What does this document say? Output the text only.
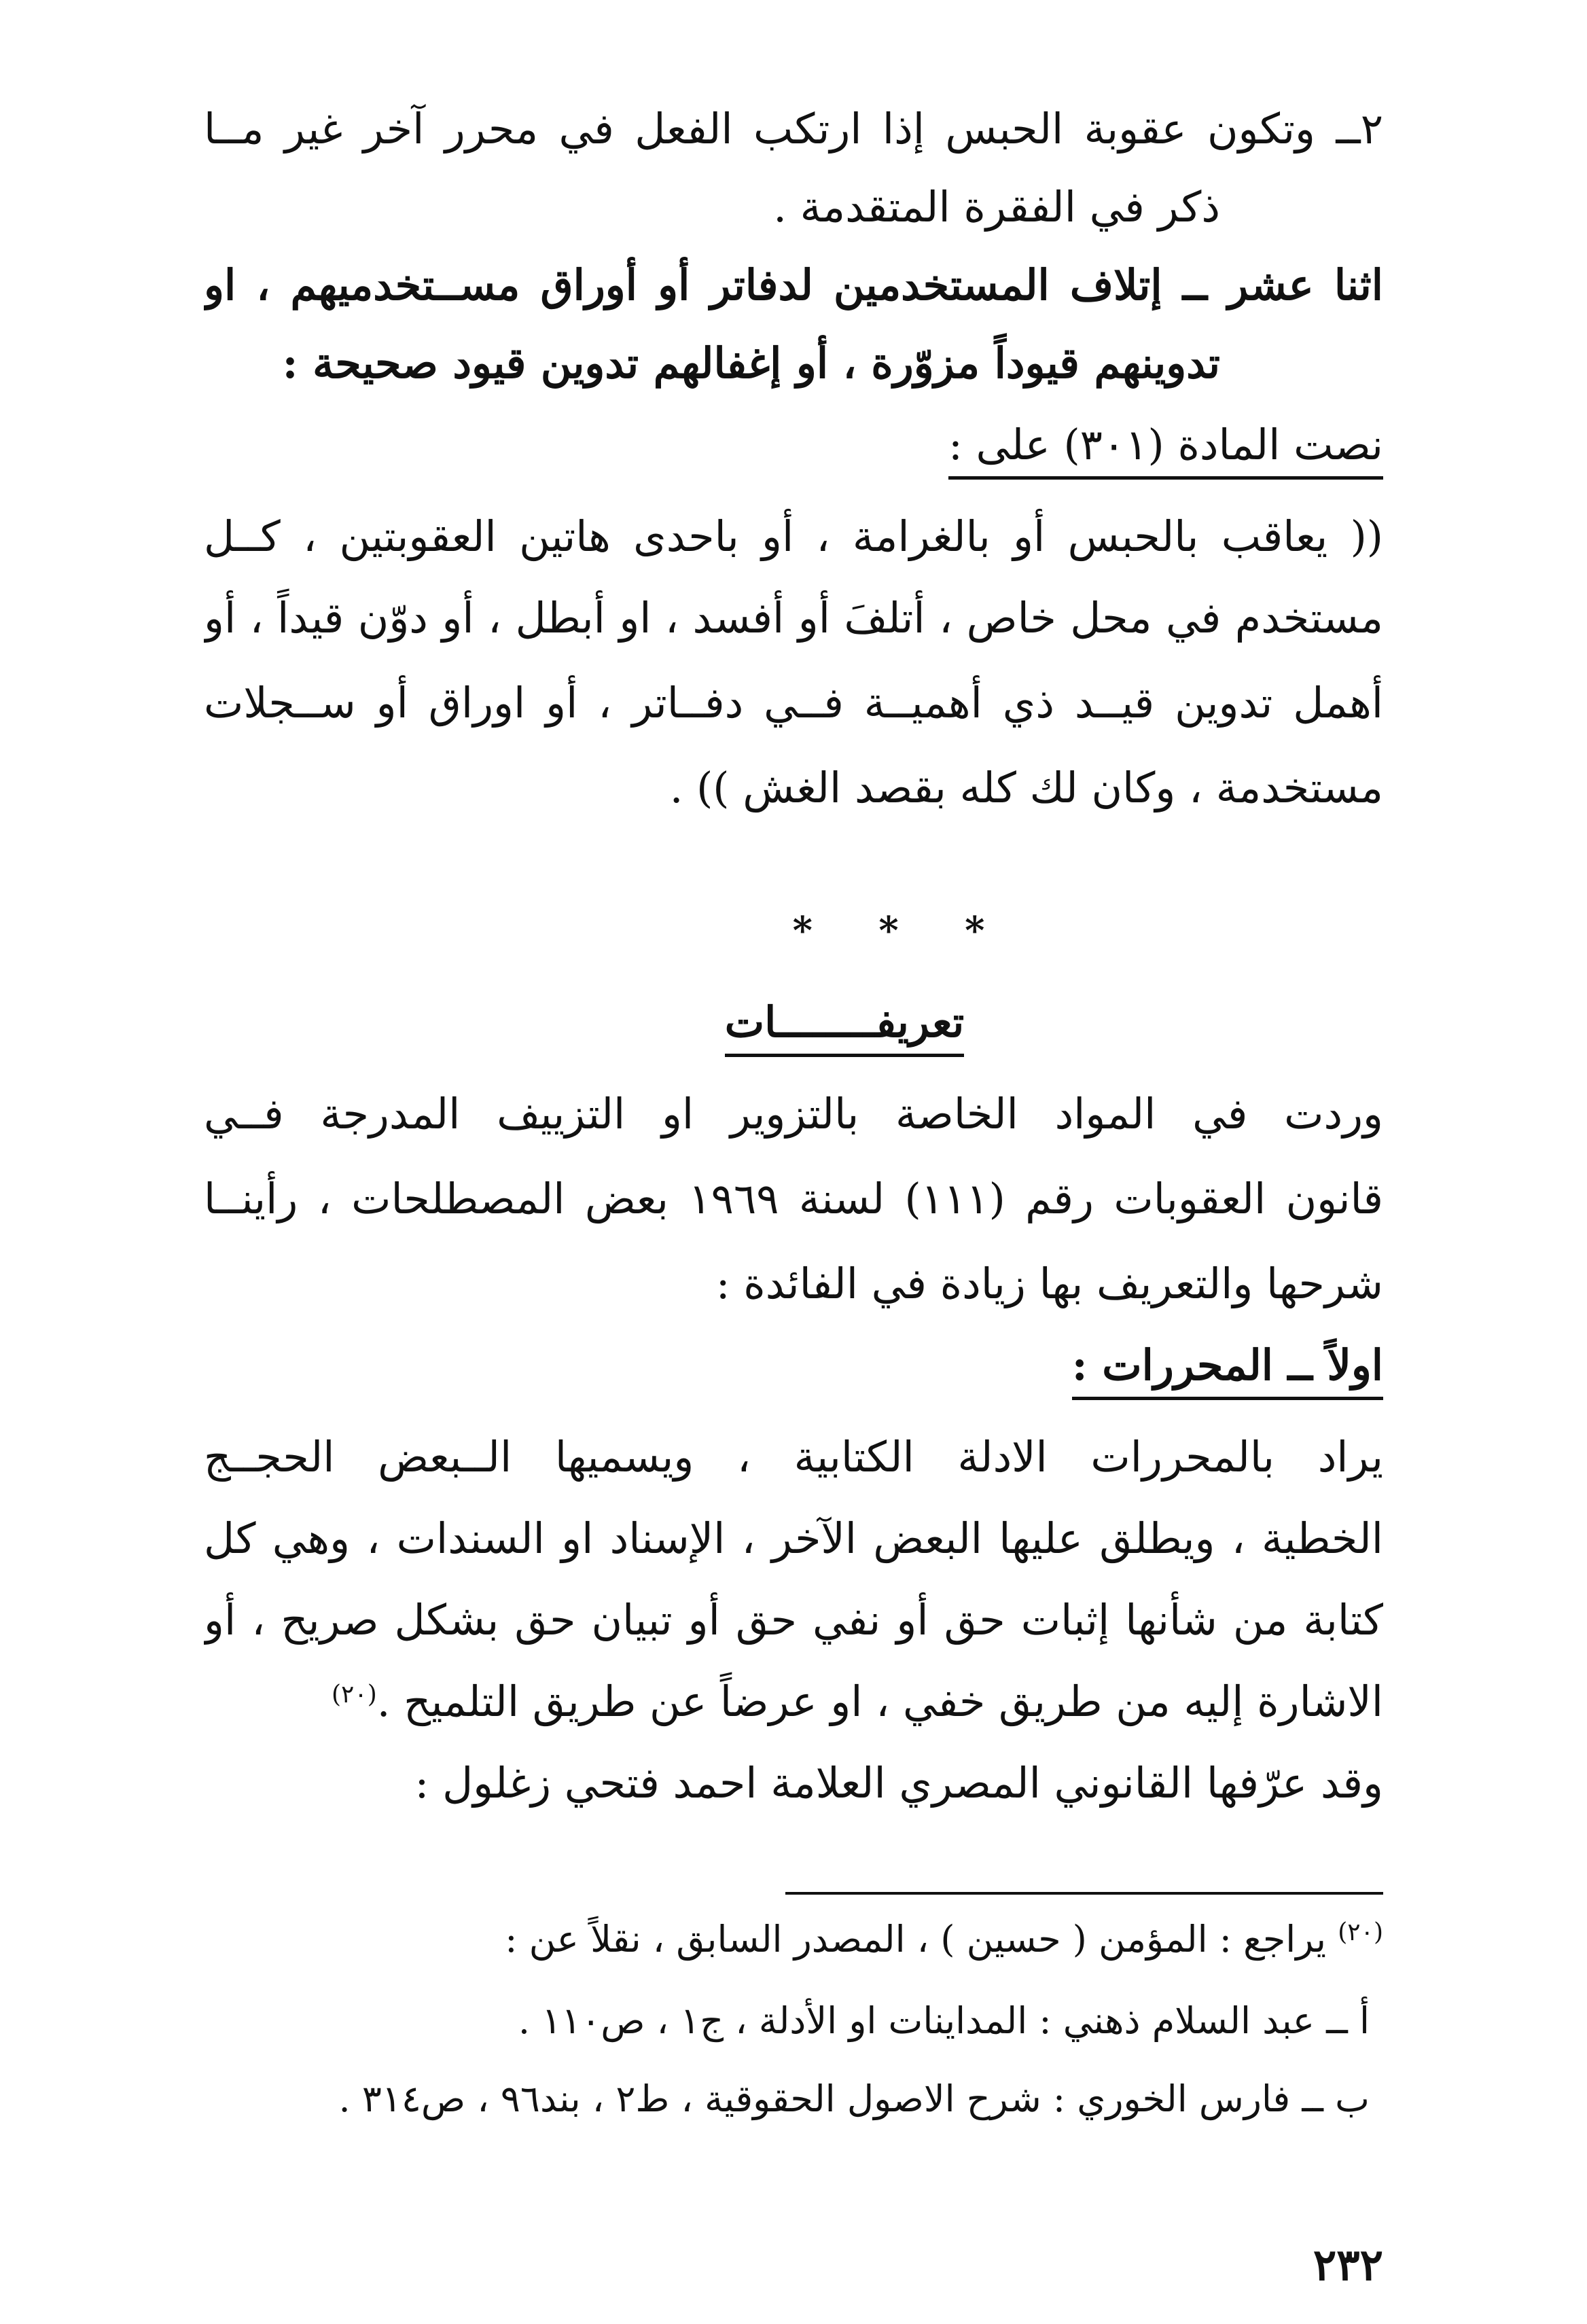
٢ــ وتكون عقوبة الحبس إذا ارتكب الفعل في محرر آخر غير مــا
ذكر في الفقرة المتقدمة .
اثنا عشر ــ إتلاف المستخدمين لدفاتر أو أوراق مســتخدميهم ، او
تدوينهم قيوداً مزوّرة ، أو إغفالهم تدوين قيود صحيحة :
نصت المادة (٣٠١) على :
(( يعاقب بالحبس أو بالغرامة ، أو باحدى هاتين العقوبتين ، كــل
مستخدم في محل خاص ، أتلفَ أو أفسد ، او أبطل ، أو دوّن قيداً ، أو
أهمل تدوين قيــد ذي أهميــة فــي دفــاتر ، أو اوراق أو ســجلات
مستخدمة ، وكان لك كله بقصد الغش )) .
*     *     *
تعريفــــــــات
وردت في المواد الخاصة بالتزوير او التزييف المدرجة فــي
قانون العقوبات رقم (١١١) لسنة ١٩٦٩ بعض المصطلحات ، رأينــا
شرحها والتعريف بها زيادة في الفائدة :
اولاً ــ المحررات :
يراد بالمحررات الادلة الكتابية ، ويسميها الــبعض الحجــج
الخطية ، ويطلق عليها البعض الآخر ، الإسناد او السندات ، وهي كل
كتابة من شأنها إثبات حق أو نفي حق أو تبيان حق بشكل صريح ، أو
الاشارة إليه من طريق خفي ، او عرضاً عن طريق التلميح .$^{(٢٠)}$
وقد عرّفها القانوني المصري العلامة احمد فتحي زغلول :
$^{(٢٠)}$ يراجع : المؤمن ( حسين ) ، المصدر السابق ، نقلاً عن :
أ ــ عبد السلام ذهني : المداينات او الأدلة ، ج١ ، ص١١٠ .
ب ــ فارس الخوري : شرح الاصول الحقوقية ، ط٢ ، بند٩٦ ، ص٣١٤ .
٢٣٢
